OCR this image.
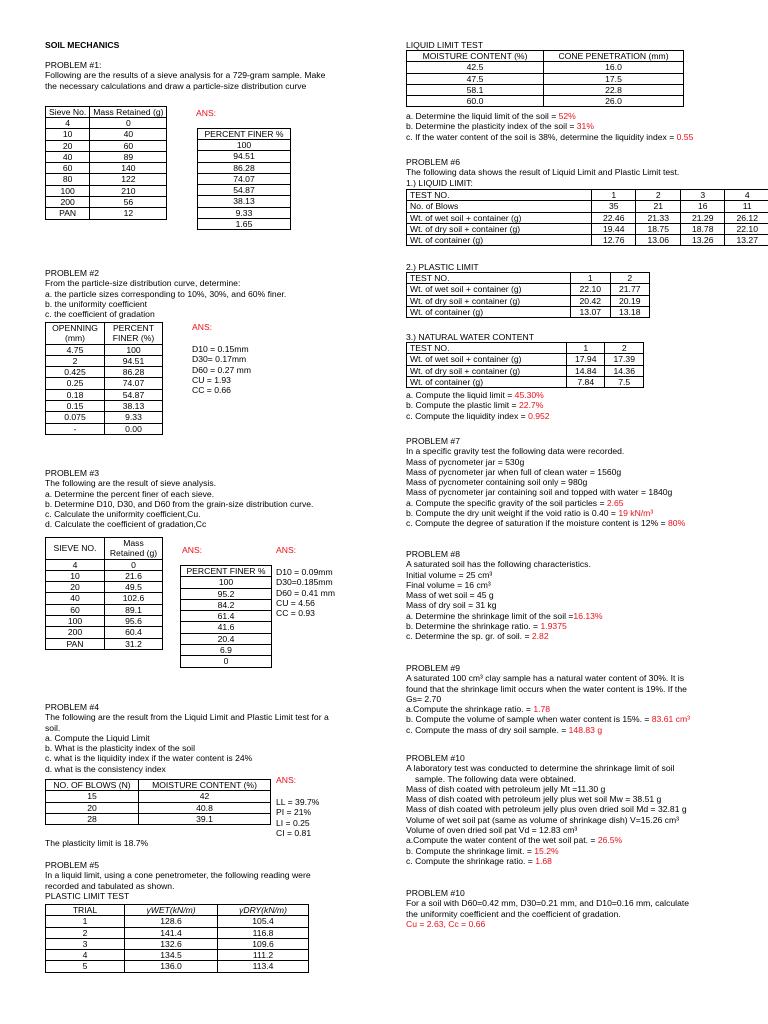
SOIL MECHANICS
PROBLEM #1:
Following are the results of a sieve analysis for a 729-gram sample. Make
the necessary calculations and draw a particle-size distribution curve
Sieve No.	Mass Retained (g)
4	0
10	40
20	60
40	89
60	140
80	122
100	210
200	56
PAN	12
ANS:
PERCENT FINER %
100
94.51
86.28
74.07
54.87
38.13
9.33
1.65
PROBLEM #2
From the particle-size distribution curve, determine:
a. the particle sizes corresponding to 10%, 30%, and 60% finer.
b. the uniformity coefficient
c. the coefficient of gradation
OPENNING (mm)	PERCENT FINER (%)
4.75	100
2	94.51
0.425	86.28
0.25	74.07
0.18	54.87
0.15	38.13
0.075	9.33
-	0.00
ANS:
D10 = 0.15mm
D30= 0.17mm
D60 = 0.27 mm
CU = 1.93
CC = 0.66
PROBLEM #3
The following are the result of sieve analysis.
a. Determine the percent finer of each sieve.
b. Determine D10, D30, and D60 from the grain-size distribution curve.
c. Calculate the uniformity coefficient,Cu.
d. Calculate the coefficient of gradation,Cc
SIEVE NO.	Mass Retained (g)
4	0
10	21.6
20	49.5
40	102.6
60	89.1
100	95.6
200	60.4
PAN	31.2
ANS:
PERCENT FINER %
100
95.2
84.2
61.4
41.6
20.4
6.9
0
ANS:
D10 = 0.09mm
D30=0.185mm
D60 = 0.41 mm
CU = 4.56
CC = 0.93
PROBLEM #4
The following are the result from the Liquid Limit and Plastic Limit test for a
soil.
a. Compute the Liquid Limit
b. What is the plasticity index of the soil
c. what is the liquidity index if the water content is 24%
d. what is the consistency index
NO. OF BLOWS (N)	MOISTURE CONTENT (%)
15	42
20	40.8
28	39.1
The plasticity limit is 18.7%
ANS:
LL = 39.7%
PI = 21%
LI = 0.25
CI = 0.81
PROBLEM #5
In a liquid limit, using a cone penetrometer, the following reading were
recorded and tabulated as shown.
PLASTIC LIMIT TEST
TRIAL	γWET(kN/m)	γDRY(kN/m)
1	128.6	105.4
2	141.4	116.8
3	132.6	109.6
4	134.5	111.2
5	136.0	113.4
LIQUID LIMIT TEST
MOISTURE CONTENT (%)	CONE PENETRATION (mm)
42.5	16.0
47.5	17.5
58.1	22.8
60.0	26.0
a. Determine the liquid limit of the soil = 52%
b. Determine the plasticity index of the soil = 31%
c. If the water content of the soil is 38%, determine the liquidity index = 0.55
PROBLEM #6
The following data shows the result of Liquid Limit and Plastic Limit test.
1.) LIQUID LIMIT:
TEST NO.	1	2	3	4
No. of Blows	35	21	16	11
Wt. of wet soil + container (g)	22.46	21.33	21.29	26.12
Wt. of dry soil + container (g)	19.44	18.75	18.78	22.10
Wt. of container (g)	12.76	13.06	13.26	13.27
2.) PLASTIC LIMIT
TEST NO.	1	2
Wt. of wet soil + container (g)	22.10	21.77
Wt. of dry soil + container (g)	20.42	20.19
Wt. of container (g)	13.07	13.18
3.) NATURAL WATER CONTENT
TEST NO.	1	2
Wt. of wet soil + container (g)	17.94	17.39
Wt. of dry soil + container (g)	14.84	14.36
Wt. of container (g)	7.84	7.5
a. Compute the liquid limit = 45.30%
b. Compute the plastic limit = 22.7%
c. Compute the liquidity index = 0.952
PROBLEM #7
In a specific gravity test the following data were recorded.
Mass of pycnometer jar = 530g
Mass of pycnometer jar when full of clean water = 1560g
Mass of pycnometer containing soil only = 980g
Mass of pycnometer jar containing soil and topped with water = 1840g
a. Compute the specific gravity of the soil particles = 2.65
b. Compute the dry unit weight if the void ratio is 0.40 = 19 kN/m³
c. Compute the degree of saturation if the moisture content is 12% = 80%
PROBLEM #8
A saturated soil has the following characteristics.
Initial volume = 25 cm³
Final volume = 16 cm³
Mass of wet soil = 45 g
Mass of dry soil = 31 kg
a. Determine the shrinkage limit of the soil =16.13%
b. Determine the shrinkage ratio. = 1.9375
c. Determine the sp. gr. of soil. = 2.82
PROBLEM #9
A saturated 100 cm³ clay sample has a natural water content of 30%. It is
found that the shrinkage limit occurs when the water content is 19%. If the
Gs= 2.70
a.Compute the shrinkage ratio. = 1.78
b. Compute the volume of sample when water content is 15%. = 83.61 cm³
c. Compute the mass of dry soil sample. = 148.83 g
PROBLEM #10
A laboratory test was conducted to determine the shrinkage limit of soil
sample. The following data were obtained.
Mass of dish coated with petroleum jelly Mt =11.30 g
Mass of dish coated with petroleum jelly plus wet soil Mw = 38.51 g
Mass of dish coated with petroleum jelly plus oven dried soil Md = 32.81 g
Volume of wet soil pat (same as volume of shrinkage dish) V=15.26 cm³
Volume of oven dried soil pat Vd = 12.83 cm³
a.Compute the water content of the wet soil pat. = 26.5%
b. Compute the shrinkage limit. = 15.2%
c. Compute the shrinkage ratio. = 1.68
PROBLEM #10
For a soil with D60=0.42 mm, D30=0.21 mm, and D10=0.16 mm, calculate
the uniformity coefficient and the coefficient of gradation.
Cu = 2.63, Cc = 0.66
